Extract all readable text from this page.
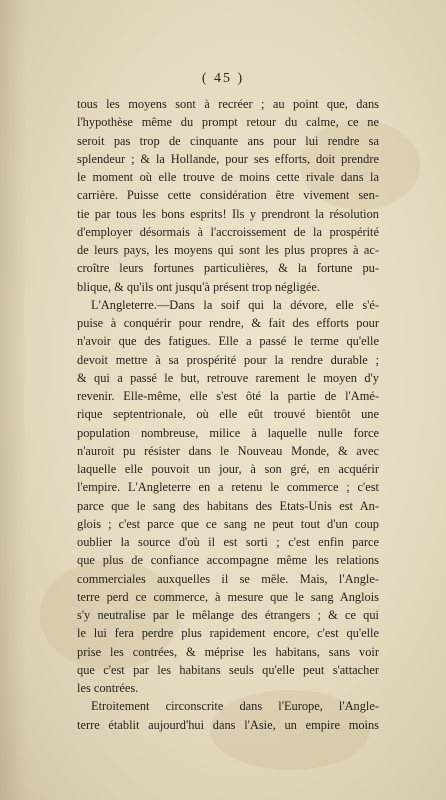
( 45 )
tous les moyens sont à recréer ; au point que, dans
l'hypothèse même du prompt retour du calme, ce ne
seroit pas trop de cinquante ans pour lui rendre sa
splendeur ; & la Hollande, pour ses efforts, doit prendre
le moment où elle trouve de moins cette rivale dans la
carrière. Puisse cette considération être vivement sen-
tie par tous les bons esprits! Ils y prendront la résolution
d'employer désormais à l'accroissement de la prospérité
de leurs pays, les moyens qui sont les plus propres à ac-
croître leurs fortunes particulières, & la fortune pu-
blique, & qu'ils ont jusqu'à présent trop négligée.
L'Angleterre.—Dans la soif qui la dévore, elle s'é-
puise à conquérir pour rendre, & fait des efforts pour
n'avoir que des fatigues. Elle a passé le terme qu'elle
devoit mettre à sa prospérité pour la rendre durable ;
& qui a passé le but, retrouve rarement le moyen d'y
revenir. Elle-même, elle s'est ôté la partie de l'Amé-
rique septentrionale, où elle eût trouvé bientôt une
population nombreuse, milice à laquelle nulle force
n'auroit pu résister dans le Nouveau Monde, & avec
laquelle elle pouvoit un jour, à son gré, en acquérir
l'empire. L'Angleterre en a retenu le commerce ; c'est
parce que le sang des habitans des Etats-Unis est An-
glois ; c'est parce que ce sang ne peut tout d'un coup
oublier la source d'où il est sorti ; c'est enfin parce
que plus de confiance accompagne même les relations
commerciales auxquelles il se mêle. Mais, l'Angle-
terre perd ce commerce, à mesure que le sang Anglois
s'y neutralise par le mêlange des étrangers ; & ce qui
le lui fera perdre plus rapidement encore, c'est qu'elle
prise les contrées, & méprise les habitans, sans voir
que c'est par les habitans seuls qu'elle peut s'attacher
les contrées.
Etroitement circonscrite dans l'Europe, l'Angle-
terre établit aujourd'hui dans l'Asie, un empire moins
